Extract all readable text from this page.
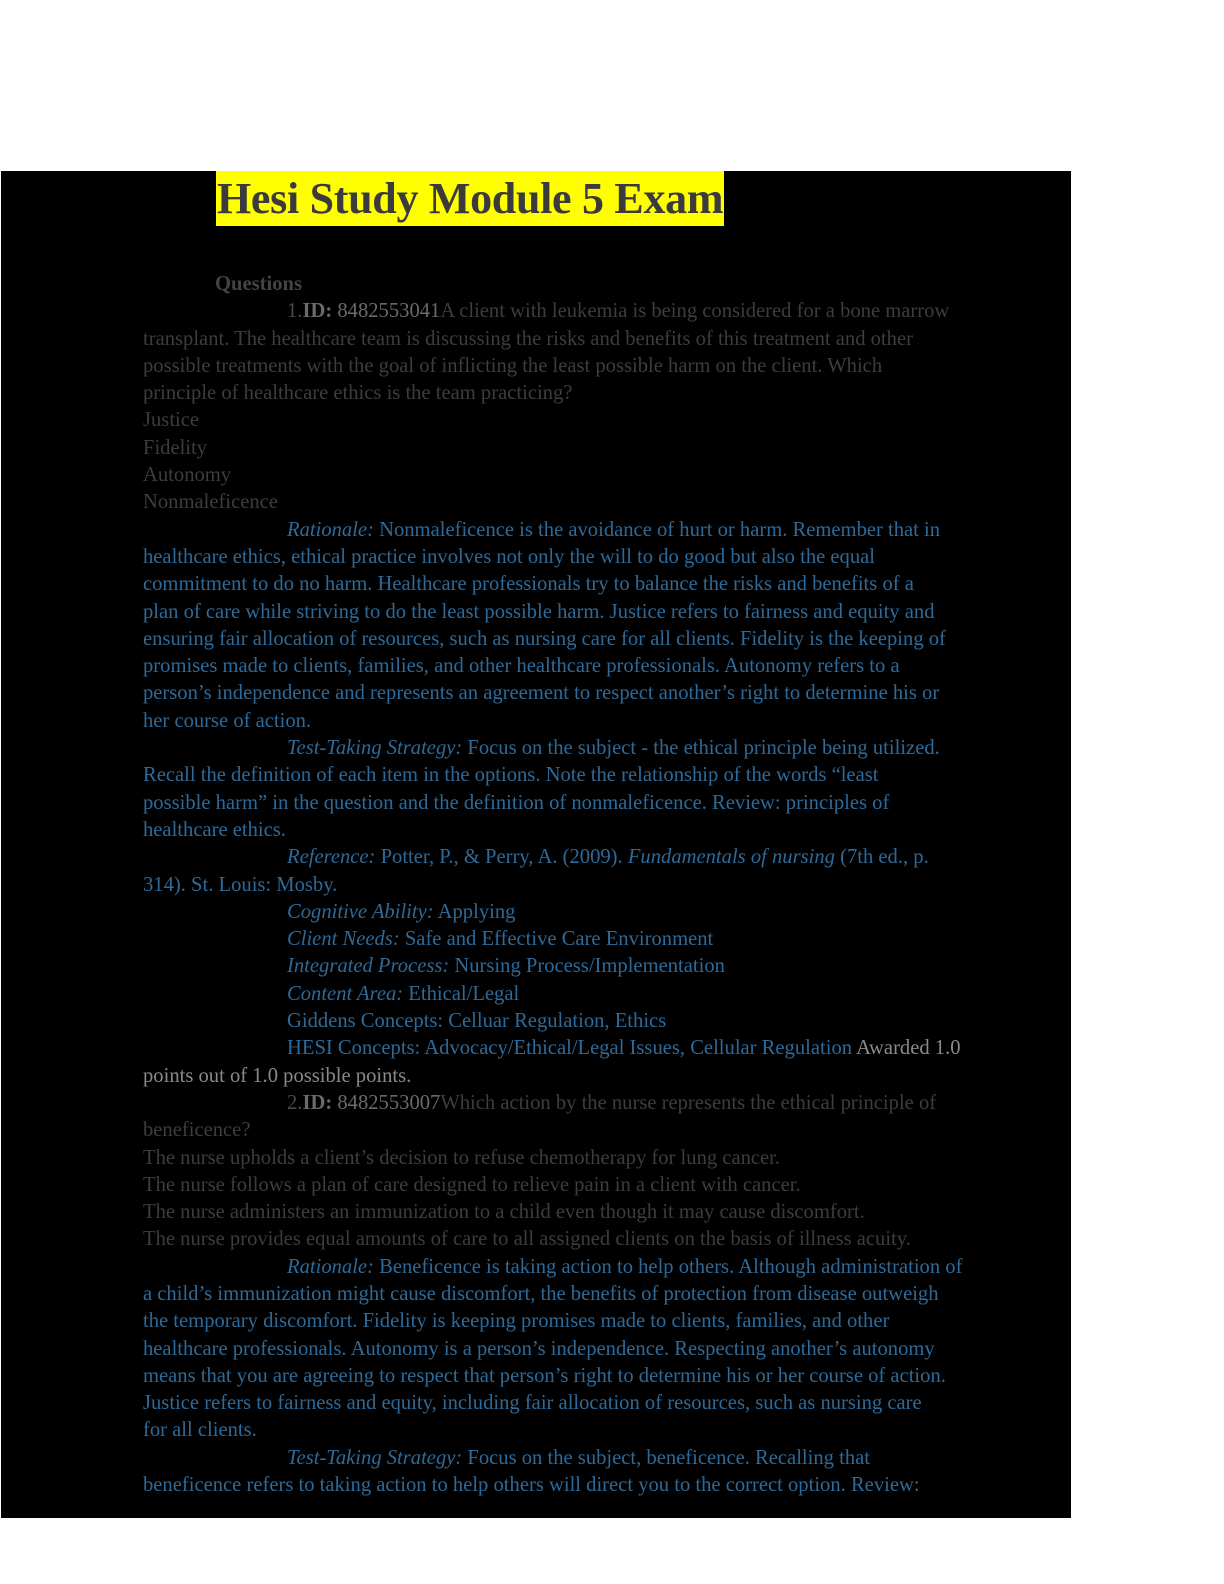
Hesi Study Module 5 Exam
Questions
1.ID: 8482553041A client with leukemia is being considered for a bone marrow
transplant. The healthcare team is discussing the risks and benefits of this treatment and other
possible treatments with the goal of inflicting the least possible harm on the client. Which
principle of healthcare ethics is the team practicing?
Justice
Fidelity
Autonomy
Nonmaleficence
Rationale: Nonmaleficence is the avoidance of hurt or harm. Remember that in
healthcare ethics, ethical practice involves not only the will to do good but also the equal
commitment to do no harm. Healthcare professionals try to balance the risks and benefits of a
plan of care while striving to do the least possible harm. Justice refers to fairness and equity and
ensuring fair allocation of resources, such as nursing care for all clients. Fidelity is the keeping of
promises made to clients, families, and other healthcare professionals. Autonomy refers to a
person’s independence and represents an agreement to respect another’s right to determine his or
her course of action.
Test-Taking Strategy: Focus on the subject - the ethical principle being utilized.
Recall the definition of each item in the options. Note the relationship of the words “least
possible harm” in the question and the definition of nonmaleficence. Review: principles of
healthcare ethics.
Reference: Potter, P., & Perry, A. (2009). Fundamentals of nursing (7th ed., p.
314). St. Louis: Mosby.
Cognitive Ability: Applying
Client Needs: Safe and Effective Care Environment
Integrated Process: Nursing Process/Implementation
Content Area: Ethical/Legal
Giddens Concepts: Celluar Regulation, Ethics
HESI Concepts: Advocacy/Ethical/Legal Issues, Cellular Regulation Awarded 1.0
points out of 1.0 possible points.
2.ID: 8482553007Which action by the nurse represents the ethical principle of
beneficence?
The nurse upholds a client’s decision to refuse chemotherapy for lung cancer.
The nurse follows a plan of care designed to relieve pain in a client with cancer.
The nurse administers an immunization to a child even though it may cause discomfort.
The nurse provides equal amounts of care to all assigned clients on the basis of illness acuity.
Rationale: Beneficence is taking action to help others. Although administration of
a child’s immunization might cause discomfort, the benefits of protection from disease outweigh
the temporary discomfort. Fidelity is keeping promises made to clients, families, and other
healthcare professionals. Autonomy is a person’s independence. Respecting another’s autonomy
means that you are agreeing to respect that person’s right to determine his or her course of action.
Justice refers to fairness and equity, including fair allocation of resources, such as nursing care
for all clients.
Test-Taking Strategy: Focus on the subject, beneficence. Recalling that
beneficence refers to taking action to help others will direct you to the correct option. Review:
